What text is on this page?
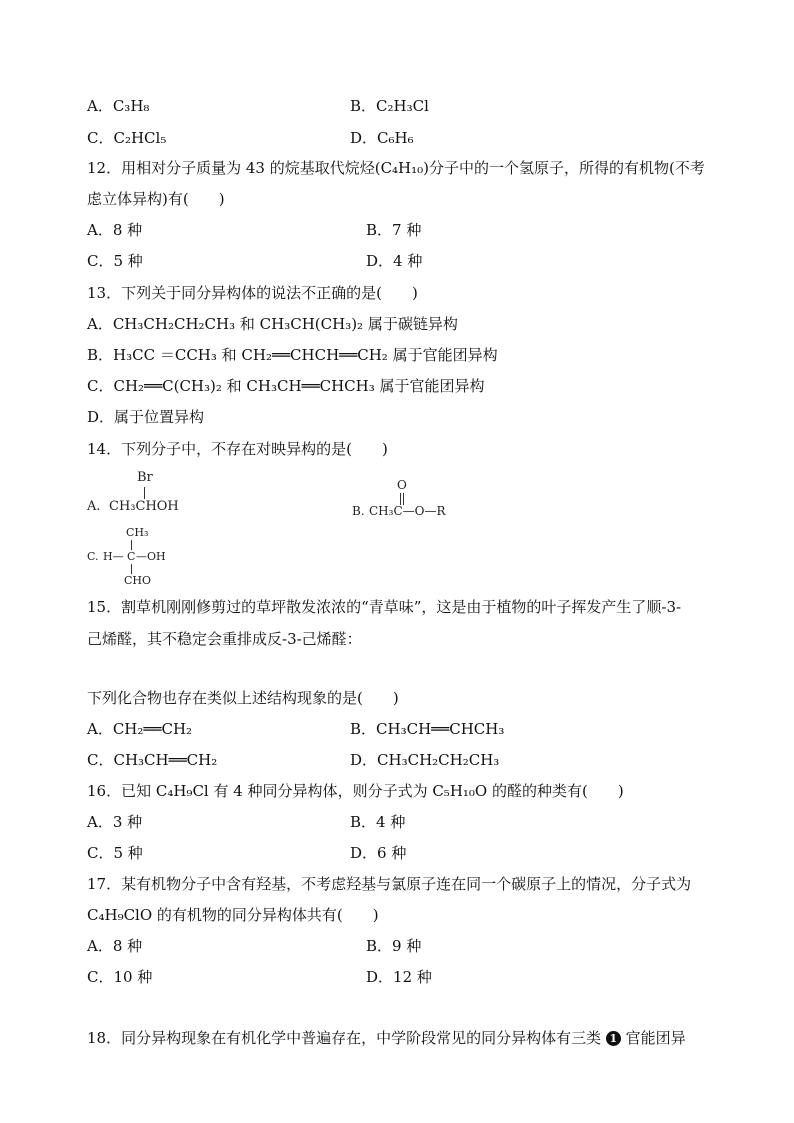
A．C₃H₈	B．C₂H₃Cl
C．C₂HCl₅	D．C₆H₆
12．用相对分子质量为 43 的烷基取代烷烃(C₄H₁₀)分子中的一个氢原子，所得的有机物(不考
虑立体异构)有(　　)
A．8 种	B．7 种
C．5 种	D．4 种
13．下列关于同分异构体的说法不正确的是(　　)
A．CH₃CH₂CH₂CH₃ 和 CH₃CH(CH₃)₂ 属于碳链异构
B．H₃CC ＝CCH₃ 和 CH₂══CHCH══CH₂ 属于官能团异构
C．CH₂══C(CH₃)₂ 和 CH₃CH══CHCH₃ 属于官能团异构
D．属于位置异构
14．下列分子中，不存在对映异构的是(　　)
Br
A. CH₃CHOH
O
B. CH₃C—O—R
CH₃
C. H— C —OH
CHO
15．割草机刚刚修剪过的草坪散发浓浓的“青草味”，这是由于植物的叶子挥发产生了顺-3-
己烯醛，其不稳定会重排成反-3-己烯醛：
下列化合物也存在类似上述结构现象的是(　　)
A．CH₂══CH₂	B．CH₃CH══CHCH₃
C．CH₃CH══CH₂	D．CH₃CH₂CH₂CH₃
16．已知 C₄H₉Cl 有 4 种同分异构体，则分子式为 C₅H₁₀O 的醛的种类有(　　)
A．3 种	B．4 种
C．5 种	D．6 种
17．某有机物分子中含有羟基，不考虑羟基与氯原子连在同一个碳原子上的情况，分子式为
C₄H₉ClO 的有机物的同分异构体共有(　　)
A．8 种	B．9 种
C．10 种	D．12 种
18．同分异构现象在有机化学中普遍存在，中学阶段常见的同分异构体有三类 1 官能团异
